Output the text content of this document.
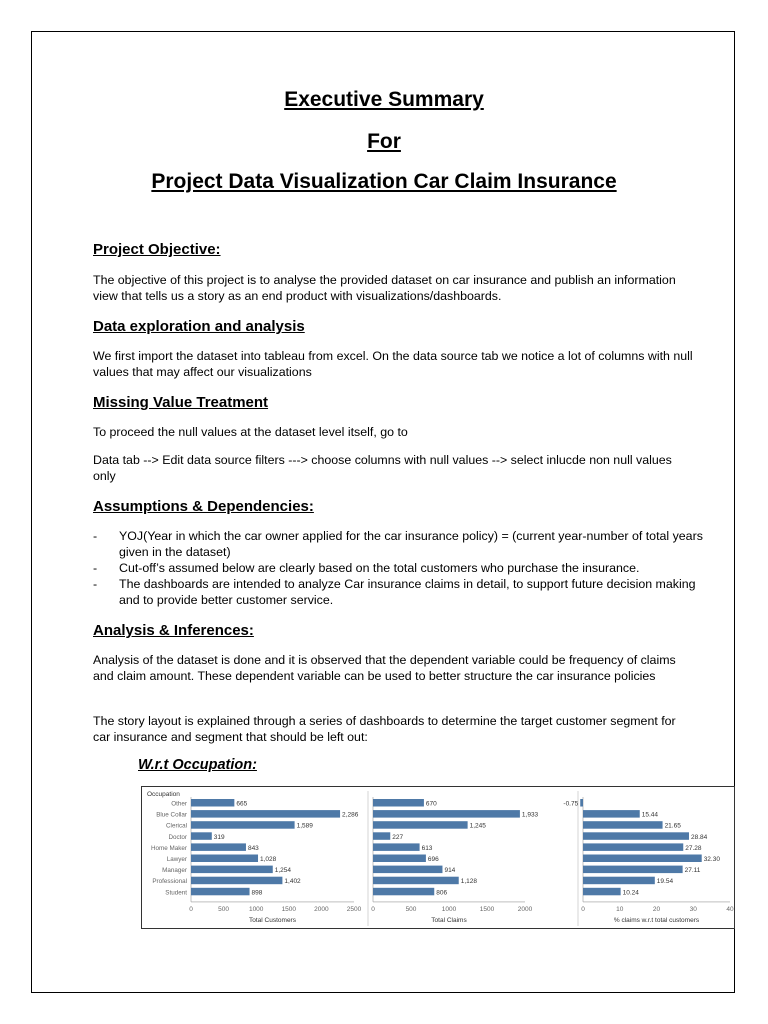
Executive Summary
For
Project Data Visualization Car Claim Insurance
Project Objective:

The objective of this project is to analyse the provided dataset on car insurance and publish an information view that tells us a story as an end product with visualizations/dashboards.

Data exploration and analysis

We first import the dataset into tableau from excel. On the data source tab we notice a lot of columns with null values that may affect our visualizations

Missing Value Treatment

To proceed the null values at the dataset level itself, go to

Data tab --> Edit data source filters ---> choose columns with null values --> select inlucde non null values only

Assumptions & Dependencies:
- YOJ(Year in which the car owner applied for the car insurance policy) = (current year-number of total years given in the dataset)
- Cut-off’s assumed below are clearly based on the total customers who purchase the insurance.
- The dashboards are intended to analyze Car insurance claims in detail, to support future decision making and to provide better customer service.
Analysis & Inferences:

Analysis of the dataset is done and it is observed that the dependent variable could be frequency of claims and claim amount. These dependent variable can be used to better structure the car insurance policies

The story layout is explained through a series of dashboards to determine the target customer segment for car insurance and segment that should be left out:

W.r.t Occupation:
Occupation
Other
Blue Collar
Clerical
Doctor
Home Maker
Lawyer
Manager
Professional
Student
0	500	1000	1500	2000	2500
Total Customers
665
2,286
1,589
319
843
1,028
1,254
1,402
898
0	500	1000	1500	2000
Total Claims
670
1,933
1,245
227
613
696
914
1,128
806
0	10	20	30	40
% claims w.r.t total customers
-0.75
15.44
21.65
28.84
27.28
32.30
27.11
19.54
10.24
